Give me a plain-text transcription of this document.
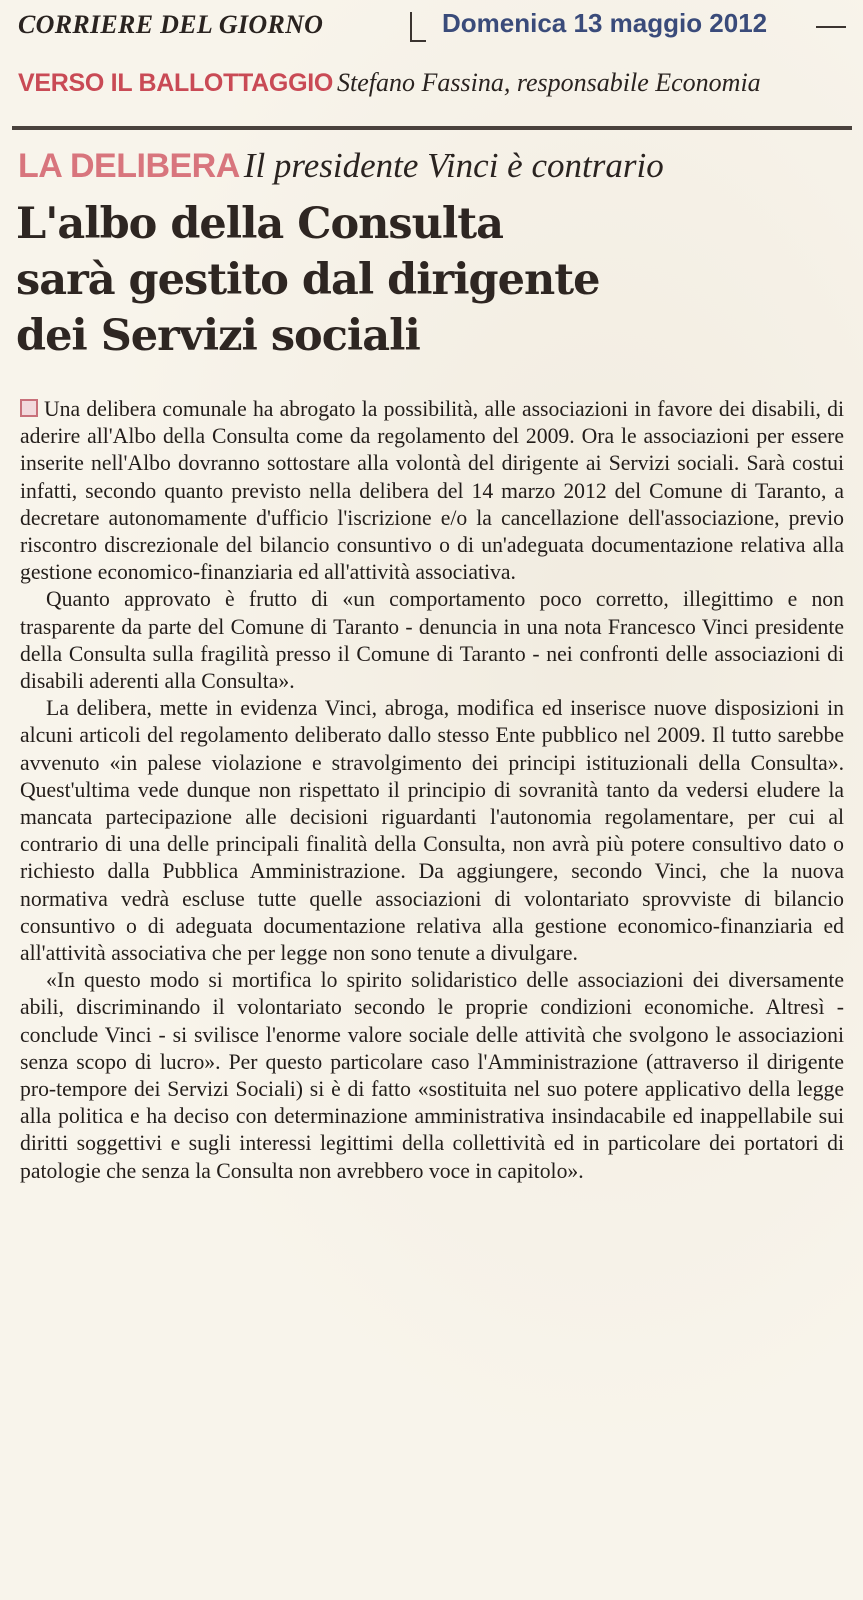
CORRIERE DEL GIORNO	Domenica 13 maggio 2012
VERSO IL BALLOTTAGGIO Stefano Fassina, responsabile Economia
LA DELIBERA Il presidente Vinci è contrario
L'albo della Consulta
sarà gestito dal dirigente
dei Servizi sociali

Una delibera comunale ha abrogato la possibilità, alle associazioni in favore dei disabili, di aderire all'Albo della Consulta come da regolamento del 2009. Ora le associazioni per essere inserite nell'Albo dovranno sottostare alla volontà del dirigente ai Servizi sociali. Sarà costui infatti, secondo quanto previsto nella delibera del 14 marzo 2012 del Comune di Taranto, a decretare autonomamente d'ufficio l'iscrizione e/o la cancellazione dell'associazione, previo riscontro discrezionale del bilancio consuntivo o di un'adeguata documentazione relativa alla gestione economico-finanziaria ed all'attività associativa.

Quanto approvato è frutto di «un comportamento poco corretto, illegittimo e non trasparente da parte del Comune di Taranto - denuncia in una nota Francesco Vinci presidente della Consulta sulla fragilità presso il Comune di Taranto - nei confronti delle associazioni di disabili aderenti alla Consulta».

La delibera, mette in evidenza Vinci, abroga, modifica ed inserisce nuove disposizioni in alcuni articoli del regolamento deliberato dallo stesso Ente pubblico nel 2009. Il tutto sarebbe avvenuto «in palese violazione e stravolgimento dei principi istituzionali della Consulta». Quest'ultima vede dunque non rispettato il principio di sovranità tanto da vedersi eludere la mancata partecipazione alle decisioni riguardanti l'autonomia regolamentare, per cui al contrario di una delle principali finalità della Consulta, non avrà più potere consultivo dato o richiesto dalla Pubblica Amministrazione. Da aggiungere, secondo Vinci, che la nuova normativa vedrà escluse tutte quelle associazioni di volontariato sprovviste di bilancio consuntivo o di adeguata documentazione relativa alla gestione economico-finanziaria ed all'attività associativa che per legge non sono tenute a divulgare.

«In questo modo si mortifica lo spirito solidaristico delle associazioni dei diversamente abili, discriminando il volontariato secondo le proprie condizioni economiche. Altresì - conclude Vinci - si svilisce l'enorme valore sociale delle attività che svolgono le associazioni senza scopo di lucro». Per questo particolare caso l'Amministrazione (attraverso il dirigente pro-tempore dei Servizi Sociali) si è di fatto «sostituita nel suo potere applicativo della legge alla politica e ha deciso con determinazione amministrativa insindacabile ed inappellabile sui diritti soggettivi e sugli interessi legittimi della collettività ed in particolare dei portatori di patologie che senza la Consulta non avrebbero voce in capitolo».
